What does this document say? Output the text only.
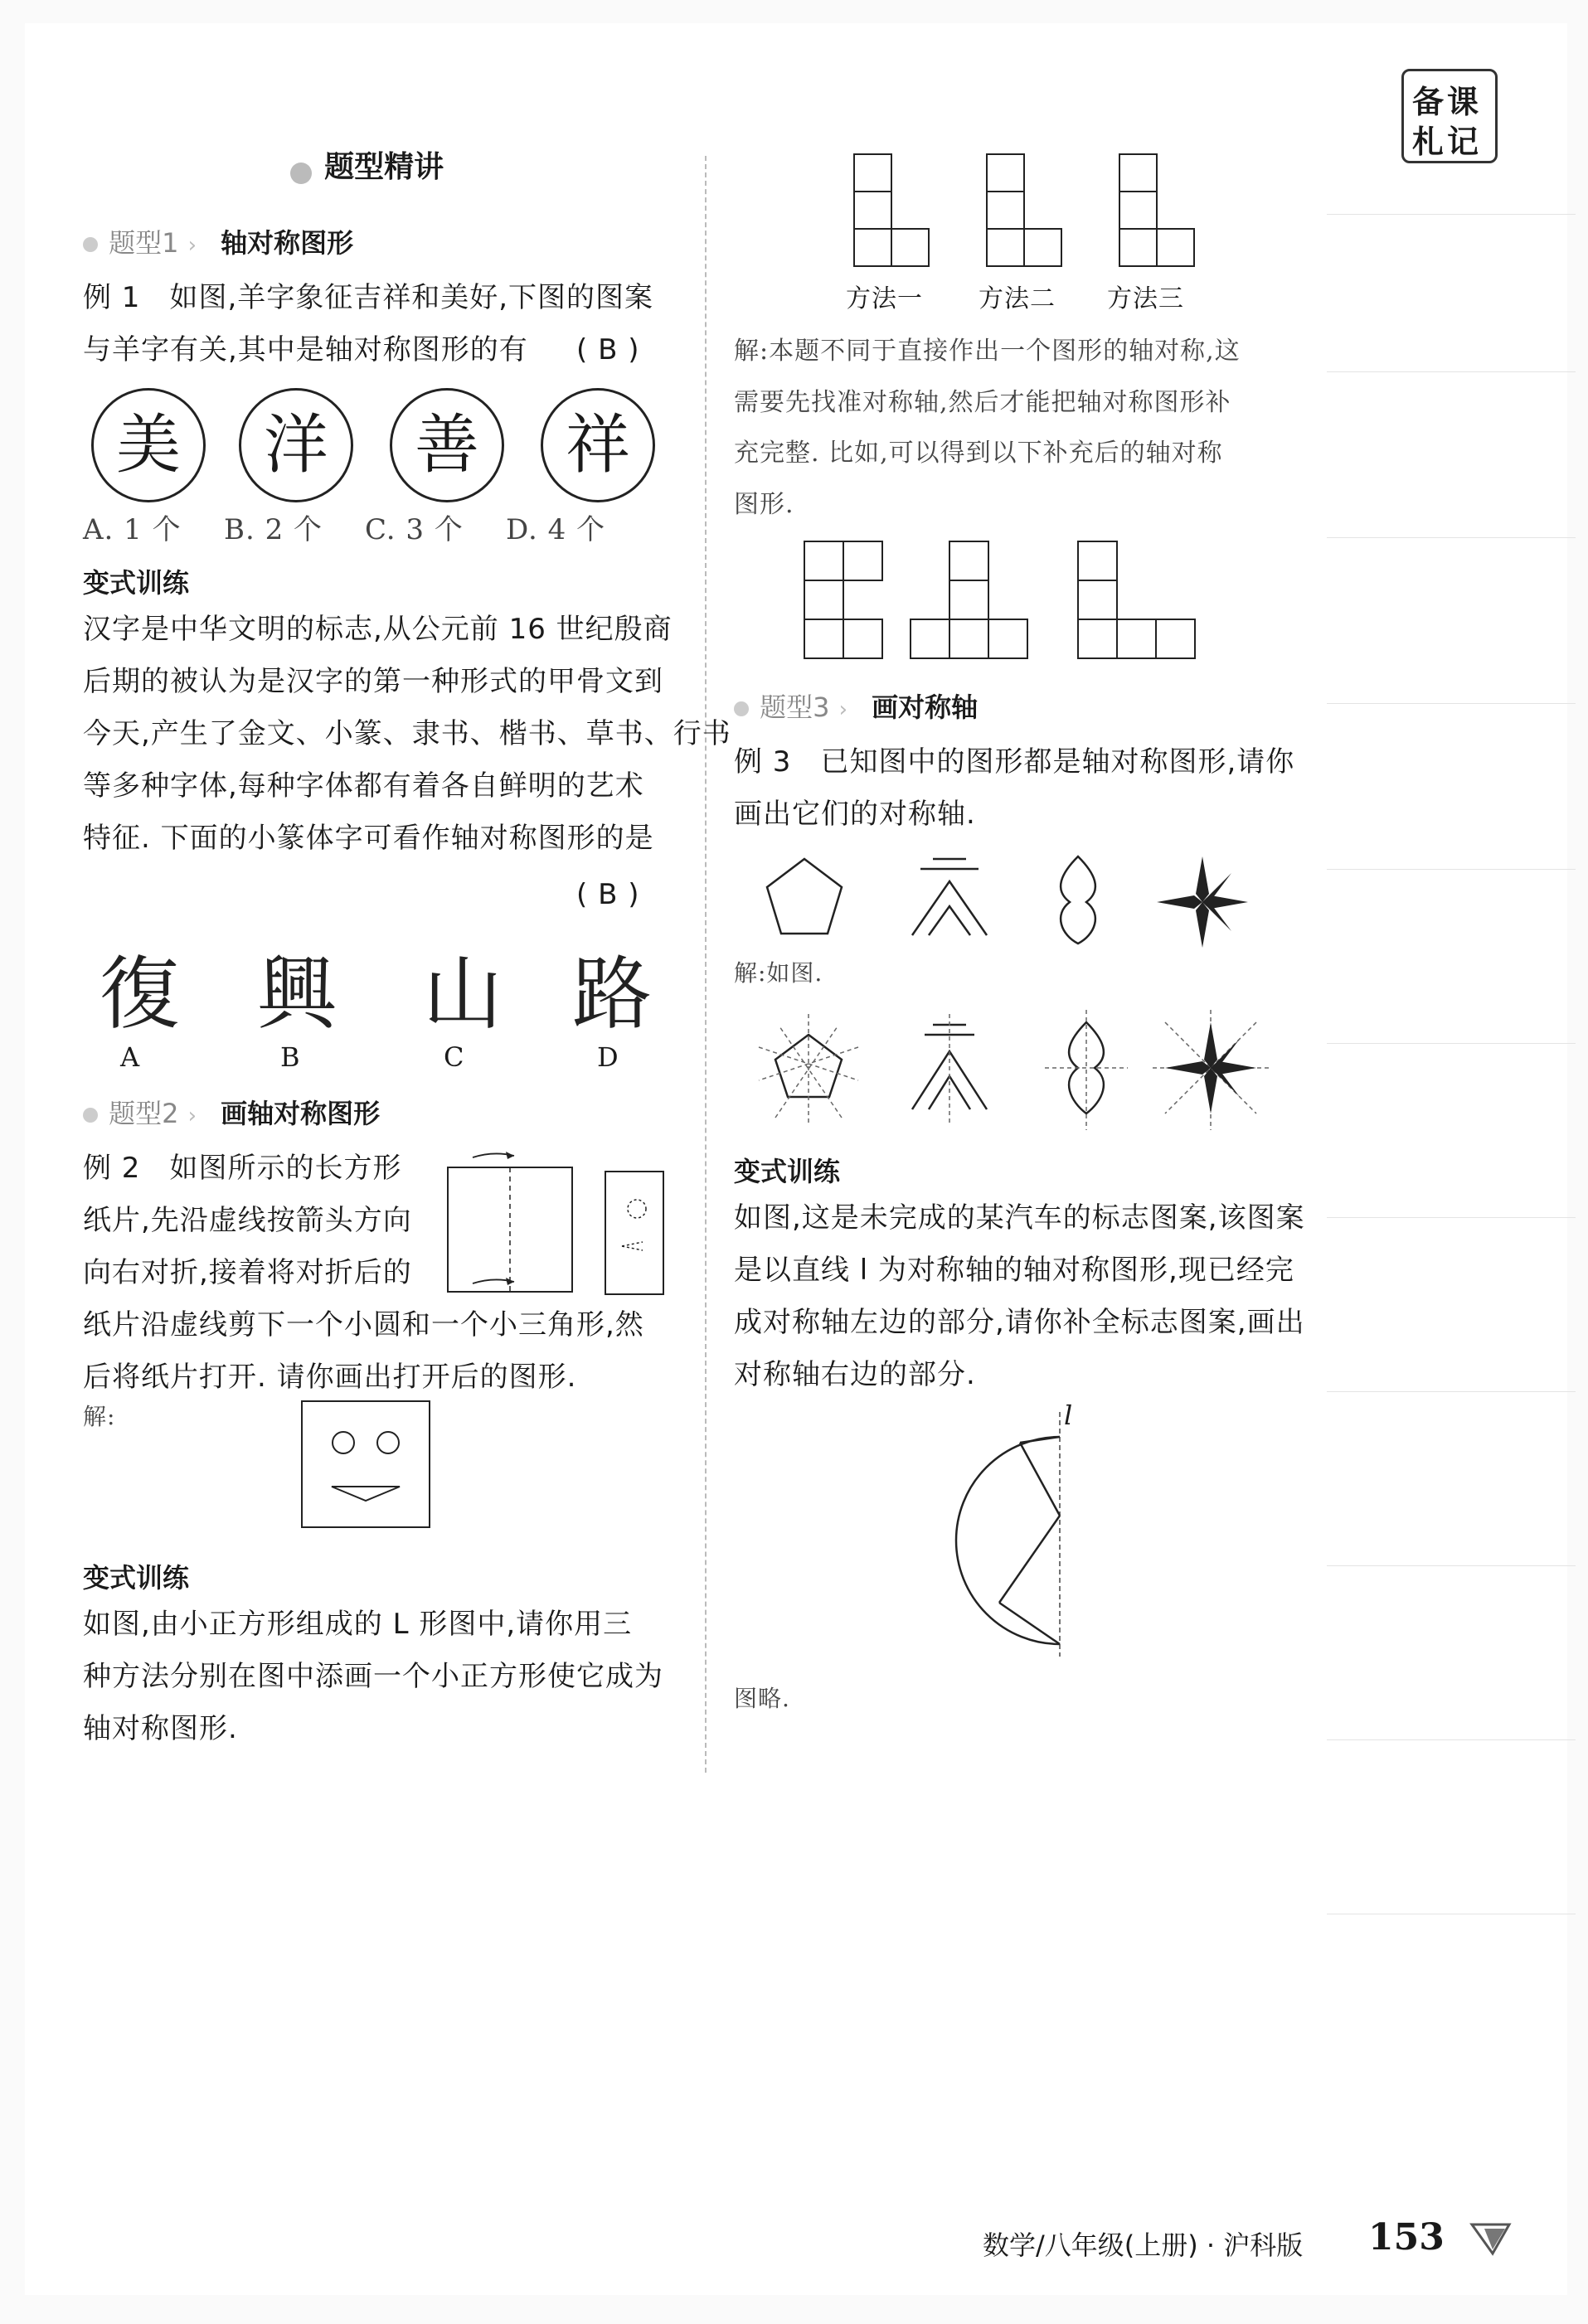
备课
札记
题型精讲
题型1 › 轴对称图形
例 1　如图,羊字象征吉祥和美好,下图的图案
与羊字有关,其中是轴对称图形的有	( B )
美	洋	善	祥
A. 1 个 B. 2 个 C. 3 个 D. 4 个
变式训练
汉字是中华文明的标志,从公元前 16 世纪殷商
后期的被认为是汉字的第一种形式的甲骨文到
今天,产生了金文、小篆、隶书、楷书、草书、行书
等多种字体,每种字体都有着各自鲜明的艺术
特征. 下面的小篆体字可看作轴对称图形的是
( B )
復 興 山 路
A	B	C	D
题型2 › 画轴对称图形
例 2　如图所示的长方形
纸片,先沿虚线按箭头方向
向右对折,接着将对折后的
纸片沿虚线剪下一个小圆和一个小三角形,然
后将纸片打开. 请你画出打开后的图形.
解:
变式训练
如图,由小正方形组成的 L 形图中,请你用三
种方法分别在图中添画一个小正方形使它成为
轴对称图形.
方法一 方法二 方法三
解:本题不同于直接作出一个图形的轴对称,这
需要先找准对称轴,然后才能把轴对称图形补
充完整. 比如,可以得到以下补充后的轴对称
图形.
题型3 › 画对称轴
例 3　已知图中的图形都是轴对称图形,请你
画出它们的对称轴.
解:如图.
变式训练
如图,这是未完成的某汽车的标志图案,该图案
是以直线 l 为对称轴的轴对称图形,现已经完
成对称轴左边的部分,请你补全标志图案,画出
对称轴右边的部分.
l
图略.
数学/八年级(上册) · 沪科版 153
